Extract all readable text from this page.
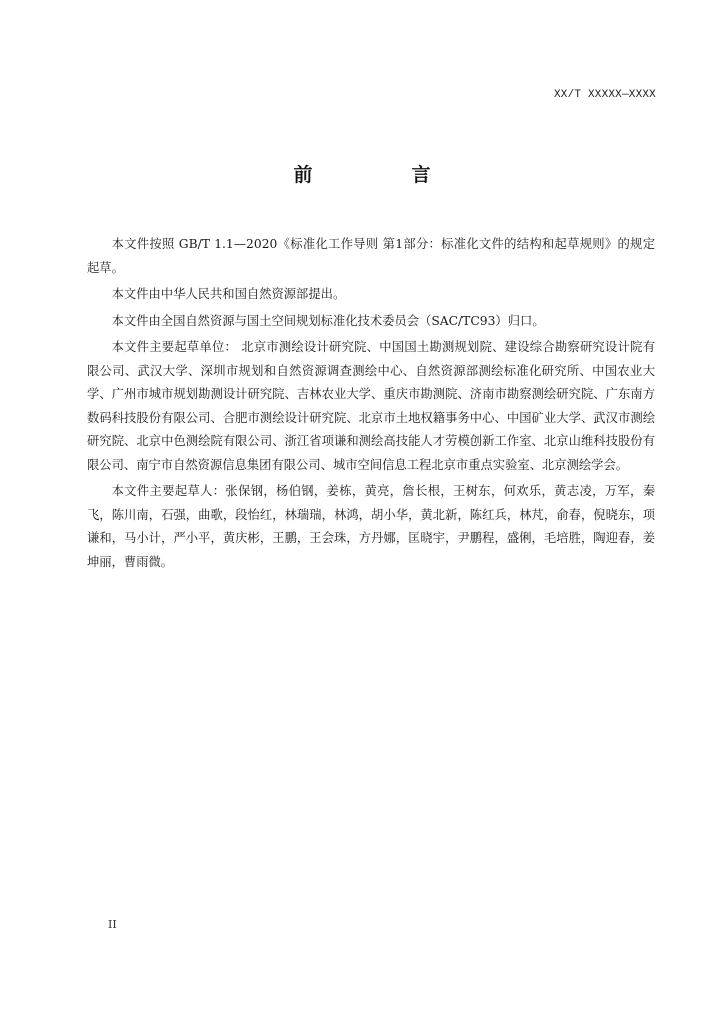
XX/T XXXXX—XXXX
前　言

本文件按照 GB/T 1.1—2020《标准化工作导则 第1部分：标准化文件的结构和起草规则》的规定起草。

本文件由中华人民共和国自然资源部提出。

本文件由全国自然资源与国土空间规划标准化技术委员会（SAC/TC93）归口。

本文件主要起草单位： 北京市测绘设计研究院、中国国土勘测规划院、建设综合勘察研究设计院有限公司、武汉大学、深圳市规划和自然资源调查测绘中心、自然资源部测绘标准化研究所、中国农业大学、广州市城市规划勘测设计研究院、吉林农业大学、重庆市勘测院、济南市勘察测绘研究院、广东南方数码科技股份有限公司、合肥市测绘设计研究院、北京市土地权籍事务中心、中国矿业大学、武汉市测绘研究院、北京中色测绘院有限公司、浙江省项谦和测绘高技能人才劳模创新工作室、北京山维科技股份有限公司、南宁市自然资源信息集团有限公司、城市空间信息工程北京市重点实验室、北京测绘学会。

本文件主要起草人：张保钢，杨伯钢，姜栋，黄亮，詹长根，王树东，何欢乐，黄志凌，万军，秦飞，陈川南，石强，曲歌，段怡红，林瑞瑞，林鸿，胡小华，黄北新，陈红兵，林芃，俞春，倪晓东，项谦和，马小计，严小平，黄庆彬，王鹏，王会珠，方丹娜，匡晓宇，尹鹏程，盛俐，毛培胜，陶迎春，姜坤丽，曹雨微。

II
